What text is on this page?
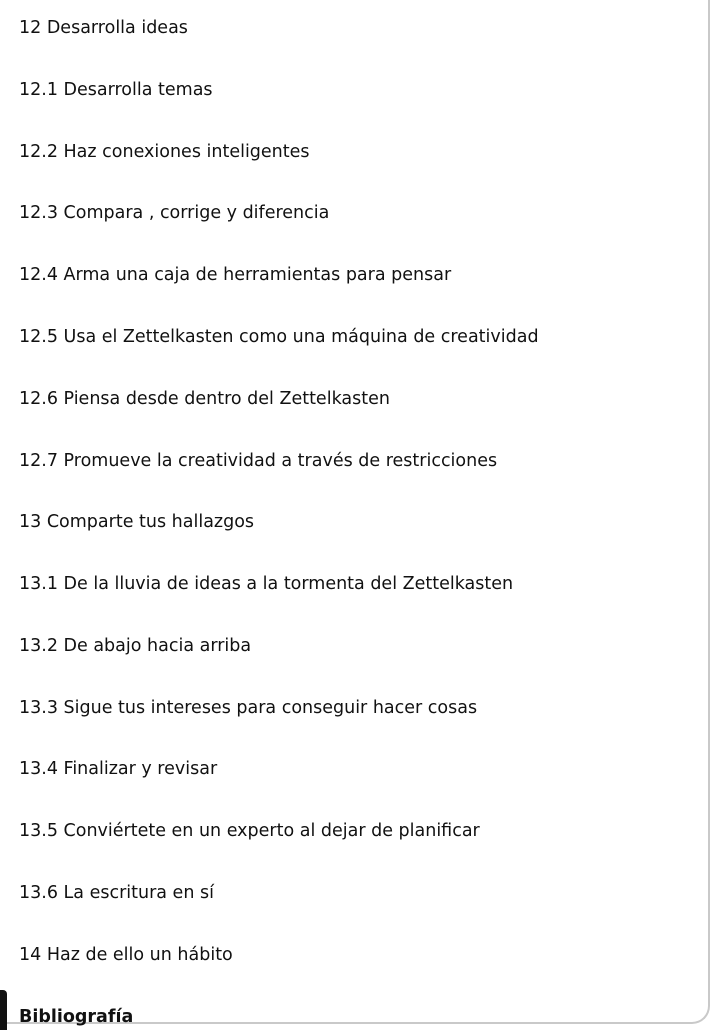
12 Desarrolla ideas
12.1 Desarrolla temas
12.2 Haz conexiones inteligentes
12.3 Compara , corrige y diferencia
12.4 Arma una caja de herramientas para pensar
12.5 Usa el Zettelkasten como una máquina de creatividad
12.6 Piensa desde dentro del Zettelkasten
12.7 Promueve la creatividad a través de restricciones
13 Comparte tus hallazgos
13.1 De la lluvia de ideas a la tormenta del Zettelkasten
13.2 De abajo hacia arriba
13.3 Sigue tus intereses para conseguir hacer cosas
13.4 Finalizar y revisar
13.5 Conviértete en un experto al dejar de planificar
13.6 La escritura en sí
14 Haz de ello un hábito
Bibliografía
